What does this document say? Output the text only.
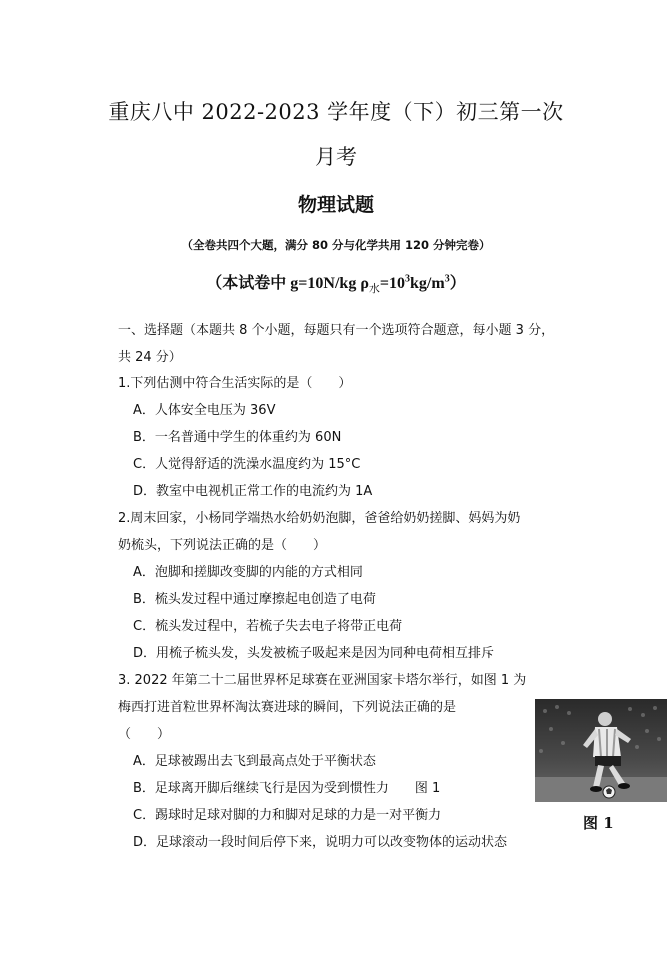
重庆八中 2022-2023 学年度（下）初三第一次
月考
物理试题
（全卷共四个大题，满分 80 分与化学共用 120 分钟完卷）
（本试卷中 g=10N/kg $\rho_水=10^3kg/m^3$）
一、选择题（本题共 8 个小题，每题只有一个选项符合题意，每小题 3 分，
共 24 分）
1.下列估测中符合生活实际的是（　　）
A．人体安全电压为 36V
B．一名普通中学生的体重约为 60N
C．人觉得舒适的洗澡水温度约为 15°C
D．教室中电视机正常工作的电流约为 1A
2.周末回家，小杨同学端热水给奶奶泡脚，爸爸给奶奶搓脚、妈妈为奶
奶梳头，下列说法正确的是（　　）
A．泡脚和搓脚改变脚的内能的方式相同
B．梳头发过程中通过摩擦起电创造了电荷
C．梳头发过程中，若梳子失去电子将带正电荷
D．用梳子梳头发，头发被梳子吸起来是因为同种电荷相互排斥
3. 2022 年第二十二届世界杯足球赛在亚洲国家卡塔尔举行，如图 1 为
梅西打进首粒世界杯淘汰赛进球的瞬间，下列说法正确的是
（　　）
A．足球被踢出去飞到最高点处于平衡状态
B．足球离开脚后继续飞行是因为受到惯性力 图 1
C．踢球时足球对脚的力和脚对足球的力是一对平衡力
D．足球滚动一段时间后停下来，说明力可以改变物体的运动状态
图 1
